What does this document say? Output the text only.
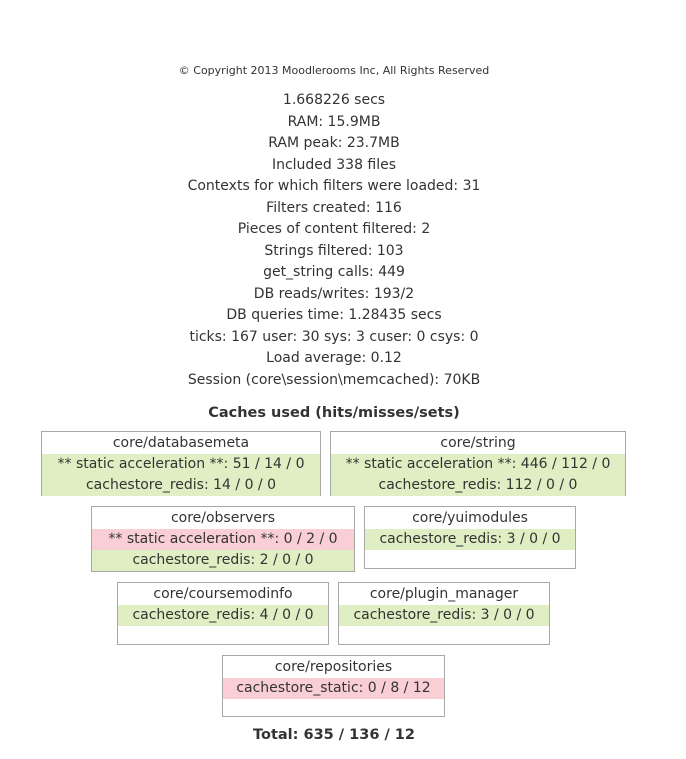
© Copyright 2013 Moodlerooms Inc, All Rights Reserved
1.668226 secs
RAM: 15.9MB
RAM peak: 23.7MB
Included 338 files
Contexts for which filters were loaded: 31
Filters created: 116
Pieces of content filtered: 2
Strings filtered: 103
get_string calls: 449
DB reads/writes: 193/2
DB queries time: 1.28435 secs
ticks: 167 user: 30 sys: 3 cuser: 0 csys: 0
Load average: 0.12
Session (core\session\memcached): 70KB
Caches used (hits/misses/sets)
core/databasemeta
** static acceleration **: 51 / 14 / 0
cachestore_redis: 14 / 0 / 0
core/string
** static acceleration **: 446 / 112 / 0
cachestore_redis: 112 / 0 / 0
core/observers
** static acceleration **: 0 / 2 / 0
cachestore_redis: 2 / 0 / 0
core/yuimodules
cachestore_redis: 3 / 0 / 0
core/coursemodinfo
cachestore_redis: 4 / 0 / 0
core/plugin_manager
cachestore_redis: 3 / 0 / 0
core/repositories
cachestore_static: 0 / 8 / 12
Total: 635 / 136 / 12
